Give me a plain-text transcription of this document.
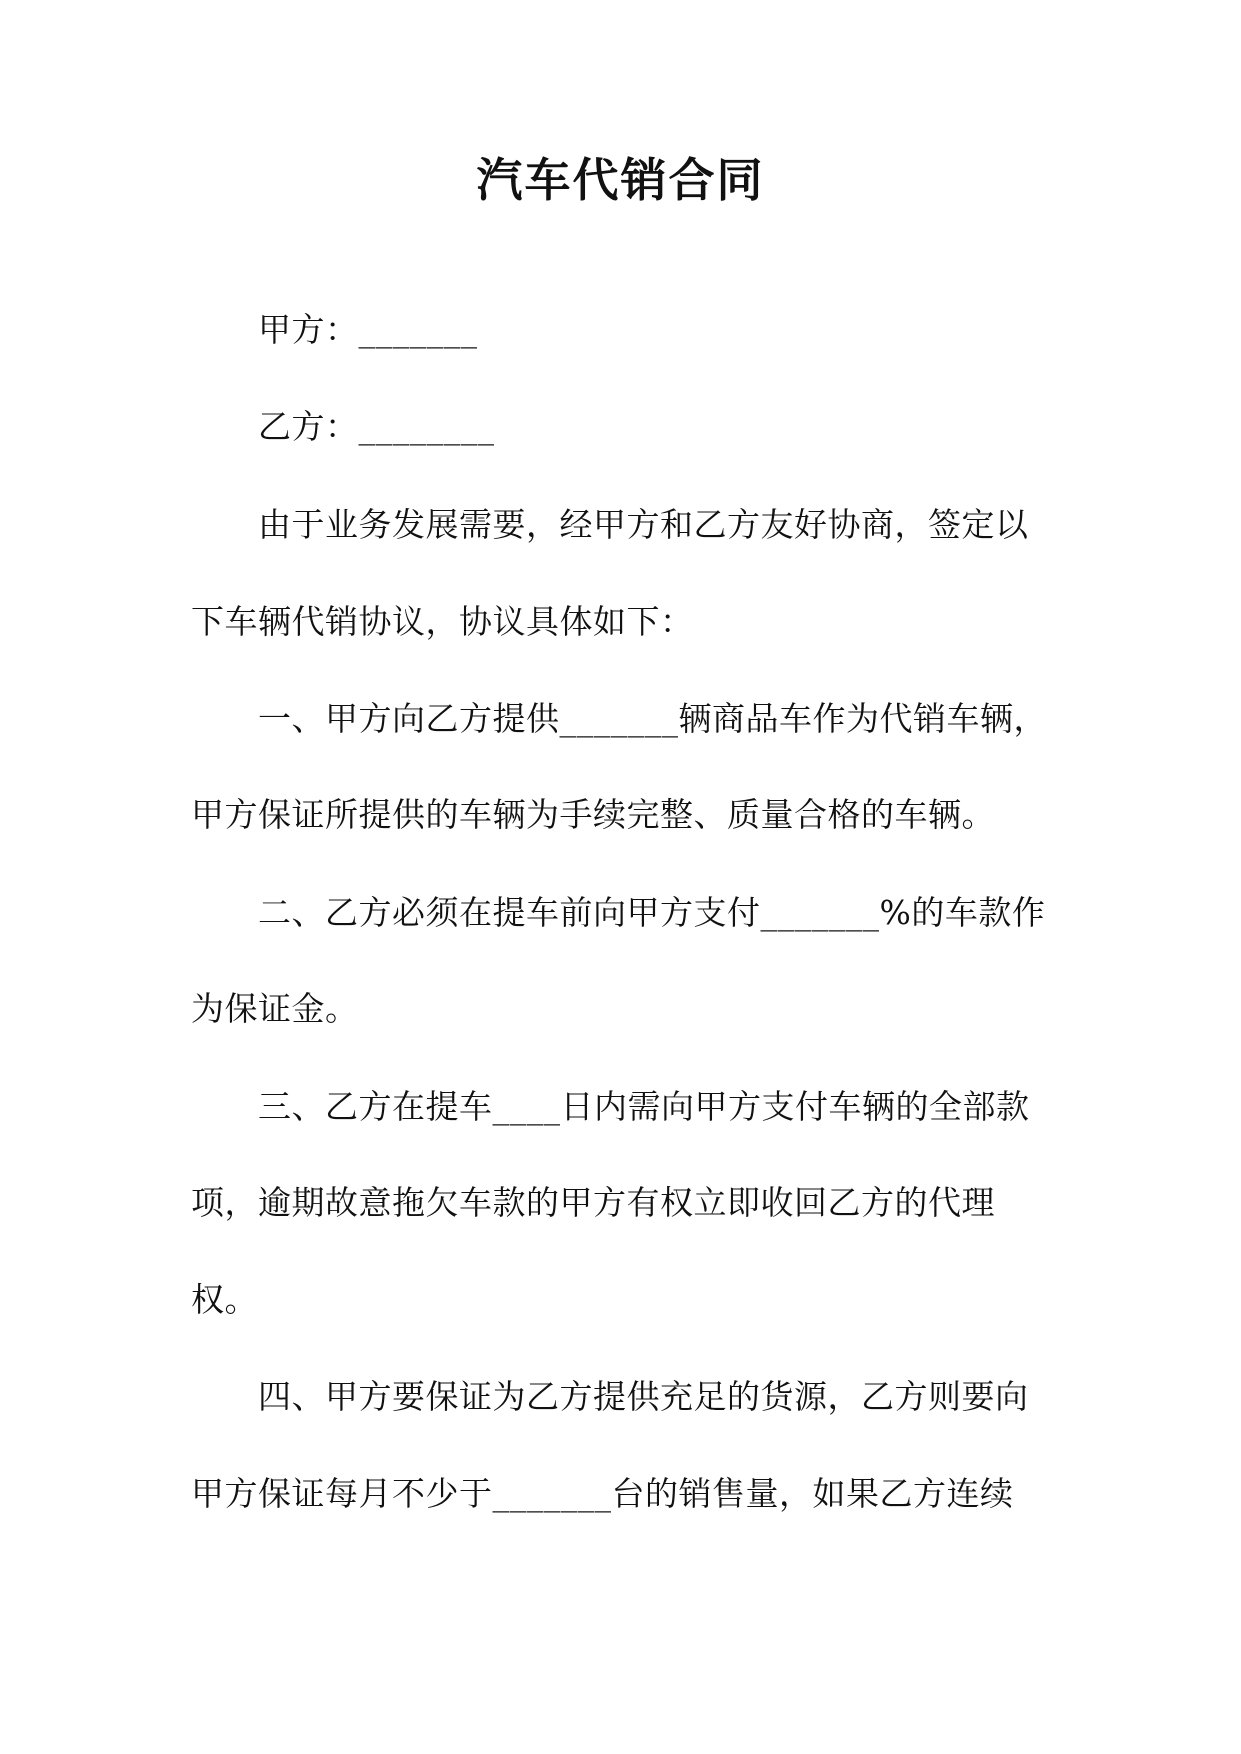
汽车代销合同
甲方：_______
乙方：________
由于业务发展需要，经甲方和乙方友好协商，签定以
下车辆代销协议，协议具体如下：
一、甲方向乙方提供_______辆商品车作为代销车辆，
甲方保证所提供的车辆为手续完整、质量合格的车辆。
二、乙方必须在提车前向甲方支付_______%的车款作
为保证金。
三、乙方在提车____日内需向甲方支付车辆的全部款
项，逾期故意拖欠车款的甲方有权立即收回乙方的代理
权。
四、甲方要保证为乙方提供充足的货源，乙方则要向
甲方保证每月不少于_______台的销售量，如果乙方连续
